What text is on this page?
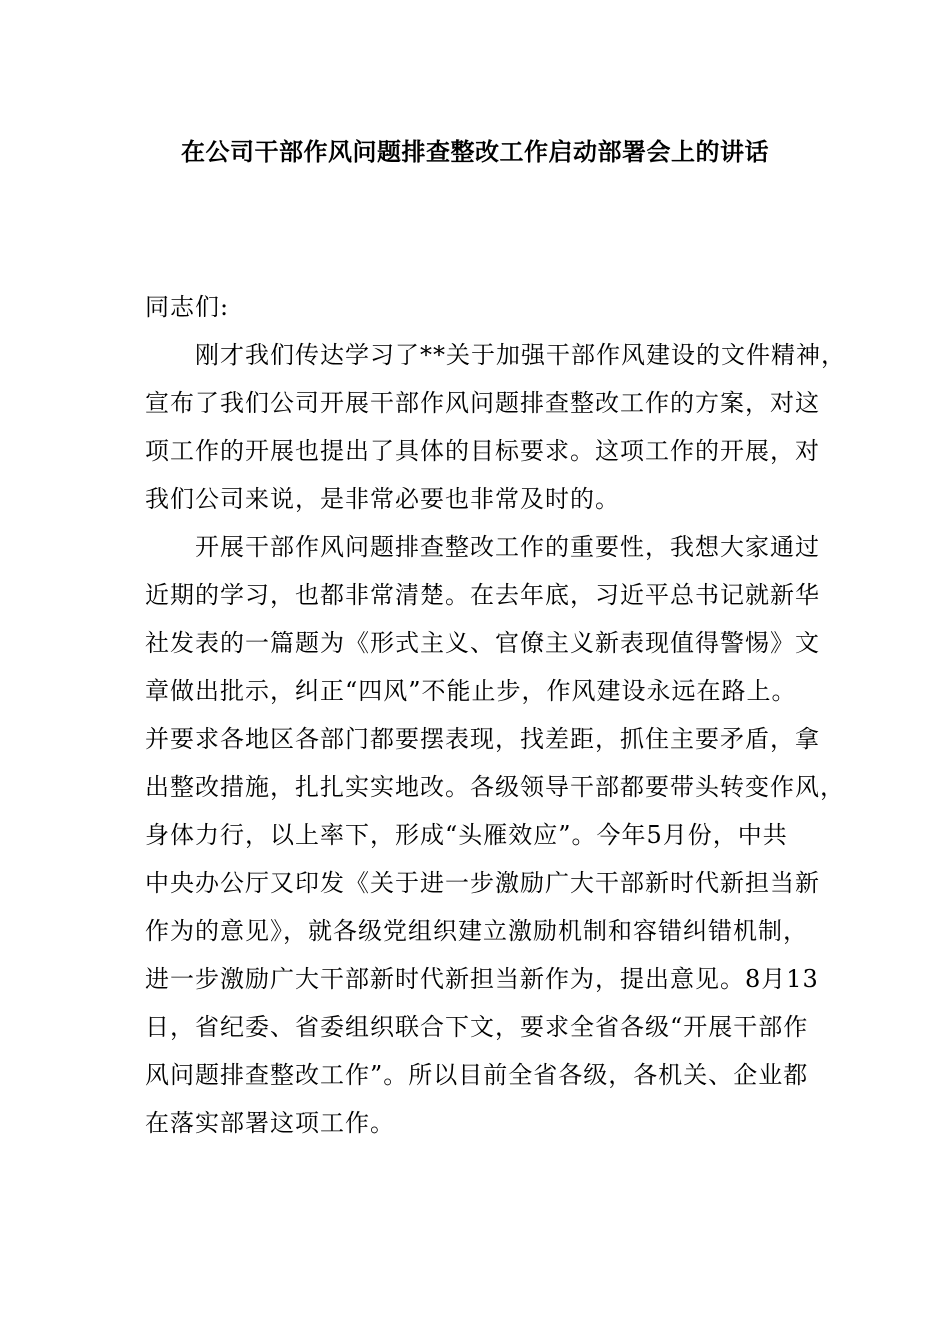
在公司干部作风问题排查整改工作启动部署会上的讲话
同志们:
刚才我们传达学习了**关于加强干部作风建设的文件精神，
宣布了我们公司开展干部作风问题排查整改工作的方案，对这
项工作的开展也提出了具体的目标要求。这项工作的开展，对
我们公司来说，是非常必要也非常及时的。
开展干部作风问题排查整改工作的重要性，我想大家通过
近期的学习，也都非常清楚。在去年底，习近平总书记就新华
社发表的一篇题为《形式主义、官僚主义新表现值得警惕》文
章做出批示，纠正“四风”不能止步，作风建设永远在路上。
并要求各地区各部门都要摆表现，找差距，抓住主要矛盾，拿
出整改措施，扎扎实实地改。各级领导干部都要带头转变作风，
身体力行，以上率下，形成“头雁效应”。今年5月份，中共
中央办公厅又印发《关于进一步激励广大干部新时代新担当新
作为的意见》，就各级党组织建立激励机制和容错纠错机制，
进一步激励广大干部新时代新担当新作为，提出意见。8月13
日，省纪委、省委组织联合下文，要求全省各级“开展干部作
风问题排查整改工作”。所以目前全省各级，各机关、企业都
在落实部署这项工作。
